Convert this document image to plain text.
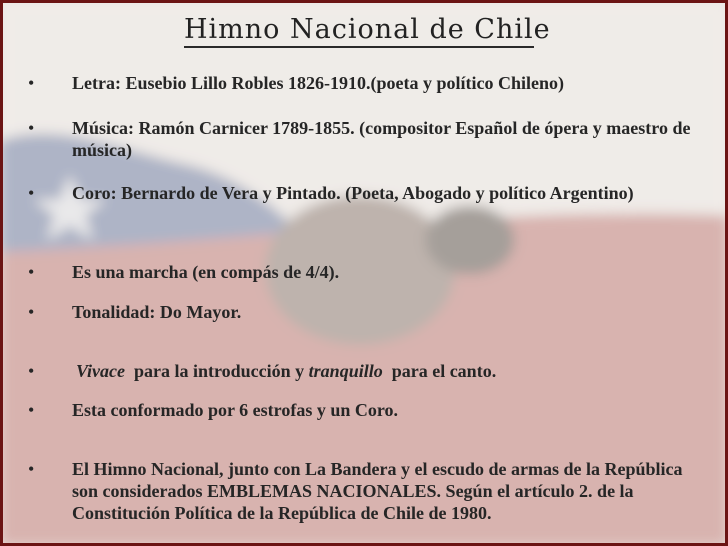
Himno Nacional de Chile
• Letra: Eusebio Lillo Robles 1826-1910.(poeta y político Chileno)
• Música: Ramón Carnicer 1789-1855. (compositor Español de ópera y maestro de música)
• Coro: Bernardo de Vera y Pintado. (Poeta, Abogado y político Argentino)
• Es una marcha (en compás de 4/4).
• Tonalidad: Do Mayor.
• Vivace para la introducción y tranquillo para el canto.
• Esta conformado por 6 estrofas y un Coro.
• El Himno Nacional, junto con La Bandera y el escudo de armas de la República son considerados EMBLEMAS NACIONALES. Según el artículo 2. de la Constitución Política de la República de Chile de 1980.
